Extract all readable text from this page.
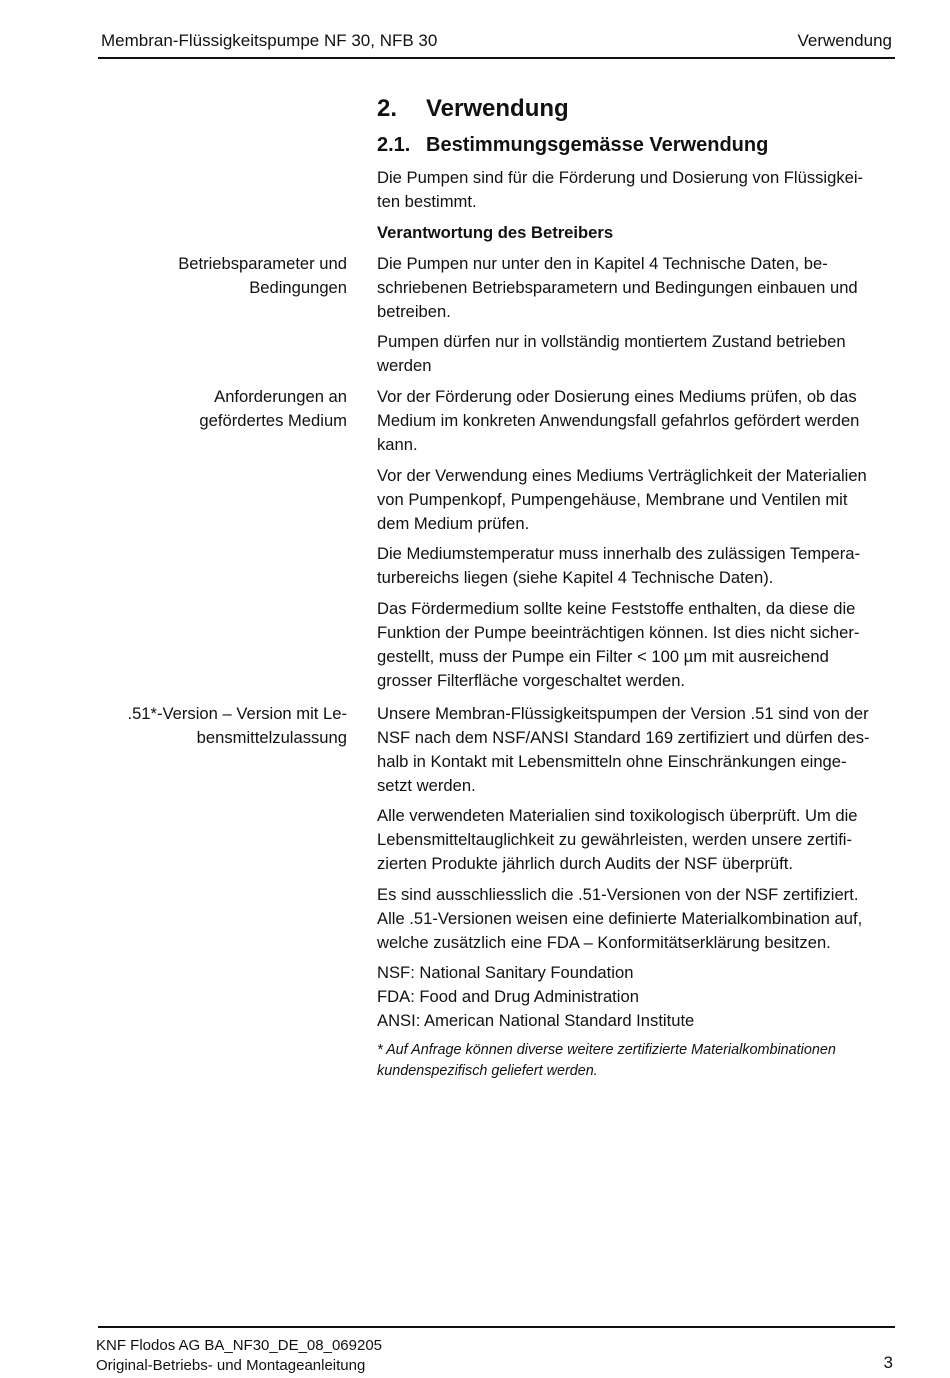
Membran-Flüssigkeitspumpe NF 30, NFB 30	Verwendung
2. Verwendung
2.1. Bestimmungsgemässe Verwendung
Die Pumpen sind für die Förderung und Dosierung von Flüssigkei-
ten bestimmt.
Verantwortung des Betreibers
Betriebsparameter und
Bedingungen
Anforderungen an
gefördertes Medium
.51*-Version – Version mit Le-
bensmittelzulassung
Die Pumpen nur unter den in Kapitel 4 Technische Daten, be-
schriebenen Betriebsparametern und Bedingungen einbauen und
betreiben.
Pumpen dürfen nur in vollständig montiertem Zustand betrieben
werden
Vor der Förderung oder Dosierung eines Mediums prüfen, ob das
Medium im konkreten Anwendungsfall gefahrlos gefördert werden
kann.
Vor der Verwendung eines Mediums Verträglichkeit der Materialien
von Pumpenkopf, Pumpengehäuse, Membrane und Ventilen mit
dem Medium prüfen.
Die Mediumstemperatur muss innerhalb des zulässigen Tempera-
turbereichs liegen (siehe Kapitel 4 Technische Daten).
Das Fördermedium sollte keine Feststoffe enthalten, da diese die
Funktion der Pumpe beeinträchtigen können. Ist dies nicht sicher-
gestellt, muss der Pumpe ein Filter < 100 µm mit ausreichend
grosser Filterfläche vorgeschaltet werden.
Unsere Membran-Flüssigkeitspumpen der Version .51 sind von der
NSF nach dem NSF/ANSI Standard 169 zertifiziert und dürfen des-
halb in Kontakt mit Lebensmitteln ohne Einschränkungen einge-
setzt werden.
Alle verwendeten Materialien sind toxikologisch überprüft. Um die
Lebensmitteltauglichkeit zu gewährleisten, werden unsere zertifi-
zierten Produkte jährlich durch Audits der NSF überprüft.
Es sind ausschliesslich die .51-Versionen von der NSF zertifiziert.
Alle .51-Versionen weisen eine definierte Materialkombination auf,
welche zusätzlich eine FDA – Konformitätserklärung besitzen.
NSF: National Sanitary Foundation
FDA: Food and Drug Administration
ANSI: American National Standard Institute
* Auf Anfrage können diverse weitere zertifizierte Materialkombinationen
kundenspezifisch geliefert werden.
KNF Flodos AG BA_NF30_DE_08_069205
Original-Betriebs- und Montageanleitung	3
